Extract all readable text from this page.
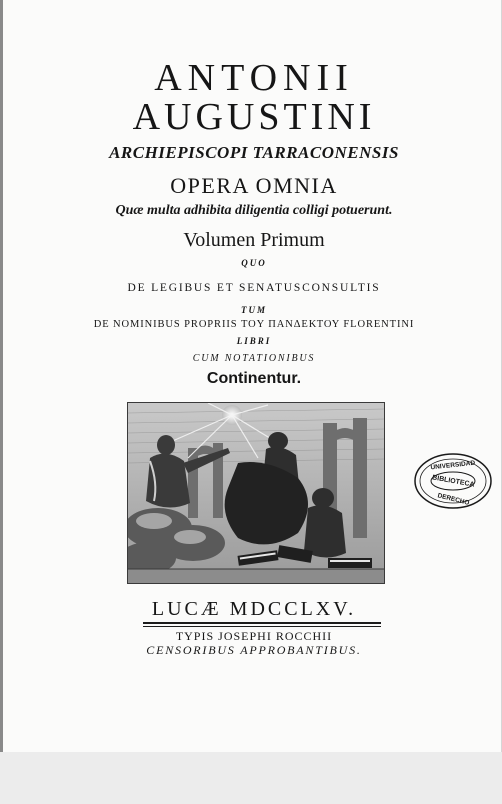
ANTONII
AUGUSTINI
ARCHIEPISCOPI TARRACONENSIS
OPERA OMNIA
Quæ multa adhibita diligentia colligi potuerunt.
Volumen Primum
QUO
DE LEGIBUS ET SENATUSCONSULTIS
TUM
DE NOMINIBUS PROPRIIS ТОΥ ПАΝΔΕΚΤΟΥ FLORENTINI
LIBRI
CUM NOTATIONIBUS
Continentur.
UNIVERSIDAD
BIBLIOTECA
DERECHO
LUCÆ MDCCLXV.
TYPIS JOSEPHI ROCCHII
CENSORIBUS APPROBANTIBUS.
